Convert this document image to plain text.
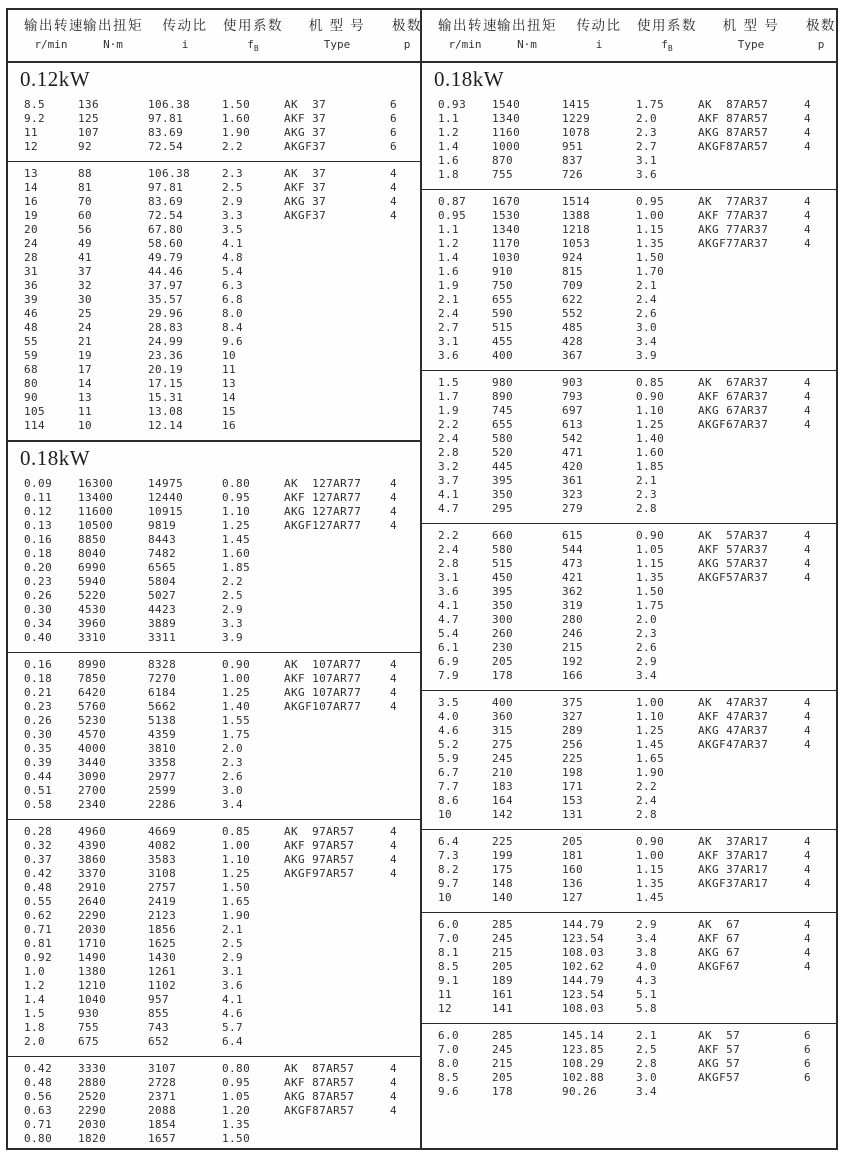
输出转速 输出扭矩	传动比	使用系数	机 型 号	极数
r/min	N·m	i	$f_B$	Type	p
0.12kW
8.5	136	106.38	1.50	AK  37	6
9.2	125	97.81	1.60	AKF 37	6
11	107	83.69	1.90	AKG 37	6
12	92	72.54	2.2	AKGF37	6
13	88	106.38	2.3	AK  37	4
14	81	97.81	2.5	AKF 37	4
16	70	83.69	2.9	AKG 37	4
19	60	72.54	3.3	AKGF37	4
20	56	67.80	3.5
24	49	58.60	4.1
28	41	49.79	4.8
31	37	44.46	5.4
36	32	37.97	6.3
39	30	35.57	6.8
46	25	29.96	8.0
48	24	28.83	8.4
55	21	24.99	9.6
59	19	23.36	10
68	17	20.19	11
80	14	17.15	13
90	13	15.31	14
105	11	13.08	15
114	10	12.14	16
0.18kW
0.09	16300	14975	0.80	AK  127AR77	4
0.11	13400	12440	0.95	AKF 127AR77	4
0.12	11600	10915	1.10	AKG 127AR77	4
0.13	10500	9819	1.25	AKGF127AR77	4
0.16	8850	8443	1.45
0.18	8040	7482	1.60
0.20	6990	6565	1.85
0.23	5940	5804	2.2
0.26	5220	5027	2.5
0.30	4530	4423	2.9
0.34	3960	3889	3.3
0.40	3310	3311	3.9
0.16	8990	8328	0.90	AK  107AR77	4
0.18	7850	7270	1.00	AKF 107AR77	4
0.21	6420	6184	1.25	AKG 107AR77	4
0.23	5760	5662	1.40	AKGF107AR77	4
0.26	5230	5138	1.55
0.30	4570	4359	1.75
0.35	4000	3810	2.0
0.39	3440	3358	2.3
0.44	3090	2977	2.6
0.51	2700	2599	3.0
0.58	2340	2286	3.4
0.28	4960	4669	0.85	AK  97AR57	4
0.32	4390	4082	1.00	AKF 97AR57	4
0.37	3860	3583	1.10	AKG 97AR57	4
0.42	3370	3108	1.25	AKGF97AR57	4
0.48	2910	2757	1.50
0.55	2640	2419	1.65
0.62	2290	2123	1.90
0.71	2030	1856	2.1
0.81	1710	1625	2.5
0.92	1490	1430	2.9
1.0	1380	1261	3.1
1.2	1210	1102	3.6
1.4	1040	957	4.1
1.5	930	855	4.6
1.8	755	743	5.7
2.0	675	652	6.4
0.42	3330	3107	0.80	AK  87AR57	4
0.48	2880	2728	0.95	AKF 87AR57	4
0.56	2520	2371	1.05	AKG 87AR57	4
0.63	2290	2088	1.20	AKGF87AR57	4
0.71	2030	1854	1.35
0.80	1820	1657	1.50
输出转速 输出扭矩	传动比	使用系数	机 型 号	极数
r/min	N·m	i	$f_B$	Type	p
0.18kW
0.93	1540	1415	1.75	AK  87AR57	4
1.1	1340	1229	2.0	AKF 87AR57	4
1.2	1160	1078	2.3	AKG 87AR57	4
1.4	1000	951	2.7	AKGF87AR57	4
1.6	870	837	3.1
1.8	755	726	3.6
0.87	1670	1514	0.95	AK  77AR37	4
0.95	1530	1388	1.00	AKF 77AR37	4
1.1	1340	1218	1.15	AKG 77AR37	4
1.2	1170	1053	1.35	AKGF77AR37	4
1.4	1030	924	1.50
1.6	910	815	1.70
1.9	750	709	2.1
2.1	655	622	2.4
2.4	590	552	2.6
2.7	515	485	3.0
3.1	455	428	3.4
3.6	400	367	3.9
1.5	980	903	0.85	AK  67AR37	4
1.7	890	793	0.90	AKF 67AR37	4
1.9	745	697	1.10	AKG 67AR37	4
2.2	655	613	1.25	AKGF67AR37	4
2.4	580	542	1.40
2.8	520	471	1.60
3.2	445	420	1.85
3.7	395	361	2.1
4.1	350	323	2.3
4.7	295	279	2.8
2.2	660	615	0.90	AK  57AR37	4
2.4	580	544	1.05	AKF 57AR37	4
2.8	515	473	1.15	AKG 57AR37	4
3.1	450	421	1.35	AKGF57AR37	4
3.6	395	362	1.50
4.1	350	319	1.75
4.7	300	280	2.0
5.4	260	246	2.3
6.1	230	215	2.6
6.9	205	192	2.9
7.9	178	166	3.4
3.5	400	375	1.00	AK  47AR37	4
4.0	360	327	1.10	AKF 47AR37	4
4.6	315	289	1.25	AKG 47AR37	4
5.2	275	256	1.45	AKGF47AR37	4
5.9	245	225	1.65
6.7	210	198	1.90
7.7	183	171	2.2
8.6	164	153	2.4
10	142	131	2.8
6.4	225	205	0.90	AK  37AR17	4
7.3	199	181	1.00	AKF 37AR17	4
8.2	175	160	1.15	AKG 37AR17	4
9.7	148	136	1.35	AKGF37AR17	4
10	140	127	1.45
6.0	285	144.79	2.9	AK  67	4
7.0	245	123.54	3.4	AKF 67	4
8.1	215	108.03	3.8	AKG 67	4
8.5	205	102.62	4.0	AKGF67	4
9.1	189	144.79	4.3
11	161	123.54	5.1
12	141	108.03	5.8
6.0	285	145.14	2.1	AK  57	6
7.0	245	123.85	2.5	AKF 57	6
8.0	215	108.29	2.8	AKG 57	6
8.5	205	102.88	3.0	AKGF57	6
9.6	178	90.26	3.4
